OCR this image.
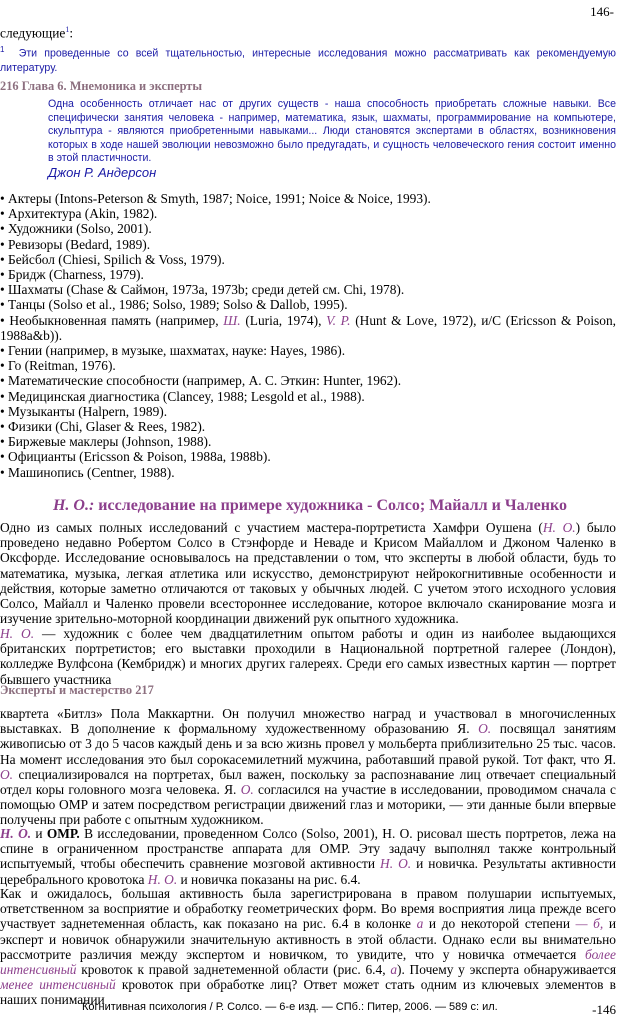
146-
следующие$^1$:
$^1$ Эти проведенные со всей тщательностью, интересные исследования можно рассматривать как рекомендуемую литературу.
216 Глава 6. Мнемоника и эксперты
Одна особенность отличает нас от других существ - наша способность приобретать сложные навыки. Все специфически занятия человека - например, математика, язык, шахматы, программирование на компьютере, скульптура - являются приобретенными навыками... Люди становятся экспертами в областях, возникновения которых в ходе нашей эволюции невозможно было предугадать, и сущность человеческого гения состоит именно в этой пластичности.
Джон Р. Андерсон
• Актеры (Intons-Peterson & Smyth, 1987; Noice, 1991; Noice & Noice, 1993).
• Архитектура (Akin, 1982).
• Художники (Solso, 2001).
• Ревизоры (Bedard, 1989).
• Бейсбол (Chiesi, Spilich & Voss, 1979).
• Бридж (Charness, 1979).
• Шахматы (Chase & Саймон, 1973a, 1973b; среди детей см. Chi, 1978).
• Танцы (Solso et al., 1986; Solso, 1989; Solso & Dallob, 1995).
• Необыкновенная память (например, Ш. (Luria, 1974), V. P. (Hunt & Love, 1972), и/C (Ericsson & Poison, 1988a&b)).
• Гении (например, в музыке, шахматах, науке: Hayes, 1986).
• Го (Reitman, 1976).
• Математические способности (например, А. С. Эткин: Hunter, 1962).
• Медицинская диагностика (Clancey, 1988; Lesgold et al., 1988).
• Музыканты (Halpern, 1989).
• Физики (Chi, Glaser & Rees, 1982).
• Биржевые маклеры (Johnson, 1988).
• Официанты (Ericsson & Poison, 1988a, 1988b).
• Машинопись (Centner, 1988).
Н. О.: исследование на примере художника - Солсо; Майалл и Чаленко
Одно из самых полных исследований с участием мастера-портретиста Хамфри Оушена (Н. О.) было проведено недавно Робертом Солсо в Стэнфорде и Неваде и Крисом Майаллом и Джоном Чаленко в Оксфорде. Исследование основывалось на представлении о том, что эксперты в любой области, будь то математика, музыка, легкая атлетика или искусство, демонстрируют нейрокогнитивные особенности и действия, которые заметно отличаются от таковых у обычных людей. С учетом этого исходного условия Солсо, Майалл и Чаленко провели всестороннее исследование, которое включало сканирование мозга и изучение зрительно-моторной координации движений рук опытного художника.
Н. О. — художник с более чем двадцатилетним опытом работы и один из наиболее выдающихся британских портретистов; его выставки проходили в Национальной портретной галерее (Лондон), колледже Вулфсона (Кембридж) и многих других галереях. Среди его самых известных картин — портрет бывшего участника
Эксперты и мастерство 217
квартета «Битлз» Пола Маккартни. Он получил множество наград и участвовал в многочисленных выставках. В дополнение к формальному художественному образованию Я. О. посвящал занятиям живописью от 3 до 5 часов каждый день и за всю жизнь провел у мольберта приблизительно 25 тыс. часов. На момент исследования это был сорокасемилетний мужчина, работавший правой рукой. Тот факт, что Я. О. специализировался на портретах, был важен, поскольку за распознавание лиц отвечает специальный отдел коры головного мозга человека. Я. О. согласился на участие в исследовании, проводимом сначала с помощью ОМР и затем посредством регистрации движений глаз и моторики, — эти данные были впервые получены при работе с опытным художником.
Н. О. и ОМР. В исследовании, проведенном Солсо (Solso, 2001), Н. О. рисовал шесть портретов, лежа на спине в ограниченном пространстве аппарата для ОМР. Эту задачу выполнял также контрольный испытуемый, чтобы обеспечить сравнение мозговой активности Н. О. и новичка. Результаты активности церебрального кровотока Н. О. и новичка показаны на рис. 6.4.
Как и ожидалось, большая активность была зарегистрирована в правом полушарии испытуемых, ответственном за восприятие и обработку геометрических форм. Во время восприятия лица прежде всего участвует заднетеменная область, как показано на рис. 6.4 в колонке а и до некоторой степени — б, и эксперт и новичок обнаружили значительную активность в этой области. Однако если вы внимательно рассмотрите различия между экспертом и новичком, то увидите, что у новичка отмечается более интенсивный кровоток к правой заднетеменной области (рис. 6.4, а). Почему у эксперта обнаруживается менее интенсивный кровоток при обработке лиц? Ответ может стать одним из ключевых элементов в наших понимании
Когнитивная психология / Р. Солсо. — 6-е изд. — СПб.: Питер, 2006. — 589 с: ил.	-146
